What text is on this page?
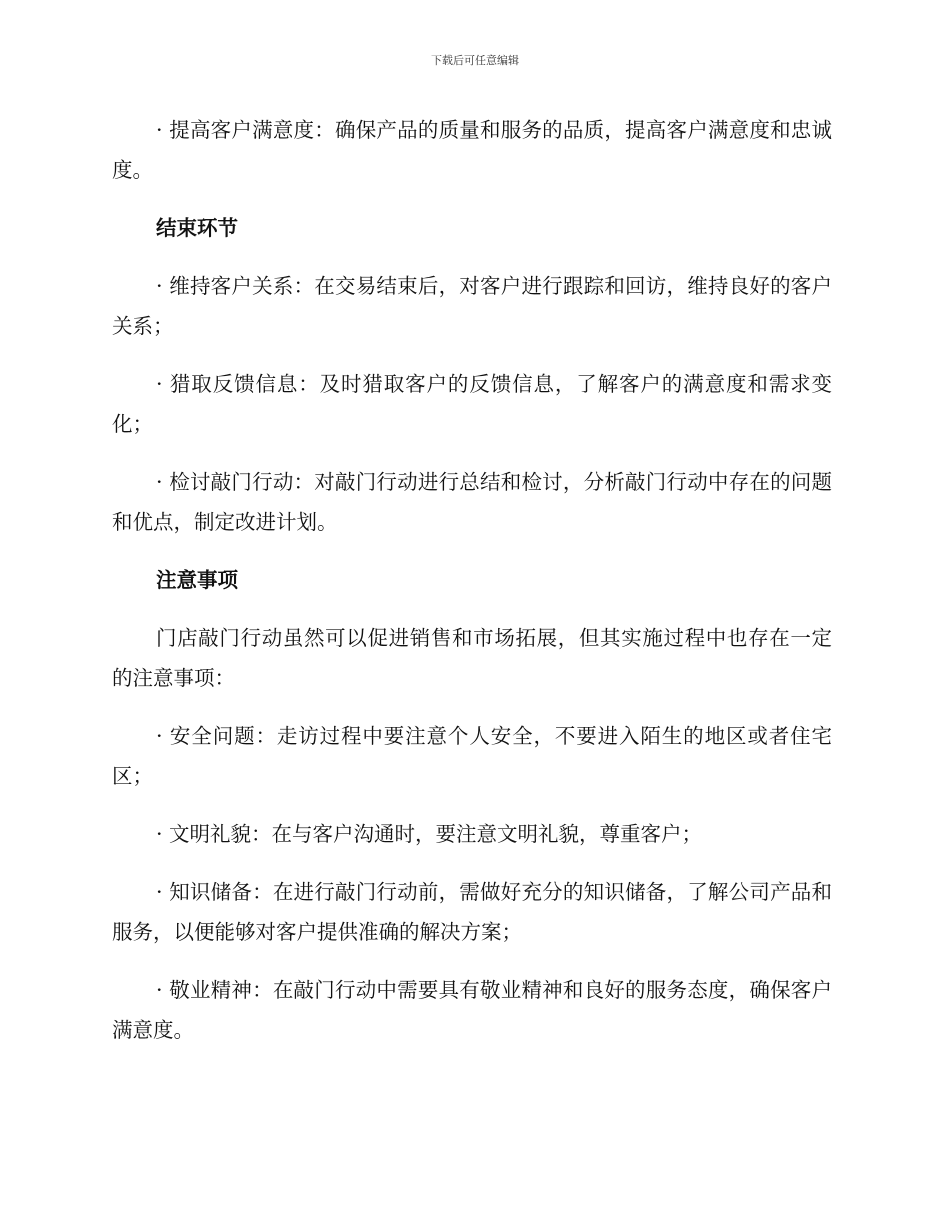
下载后可任意编辑

· 提高客户满意度：确保产品的质量和服务的品质，提高客户满意度和忠诚度。

结束环节

· 维持客户关系：在交易结束后，对客户进行跟踪和回访，维持良好的客户关系；

· 猎取反馈信息：及时猎取客户的反馈信息，了解客户的满意度和需求变化；

· 检讨敲门行动：对敲门行动进行总结和检讨，分析敲门行动中存在的问题和优点，制定改进计划。

注意事项

门店敲门行动虽然可以促进销售和市场拓展，但其实施过程中也存在一定的注意事项：

· 安全问题：走访过程中要注意个人安全，不要进入陌生的地区或者住宅区；

· 文明礼貌：在与客户沟通时，要注意文明礼貌，尊重客户；

· 知识储备：在进行敲门行动前，需做好充分的知识储备，了解公司产品和服务，以便能够对客户提供准确的解决方案；

· 敬业精神：在敲门行动中需要具有敬业精神和良好的服务态度，确保客户满意度。
